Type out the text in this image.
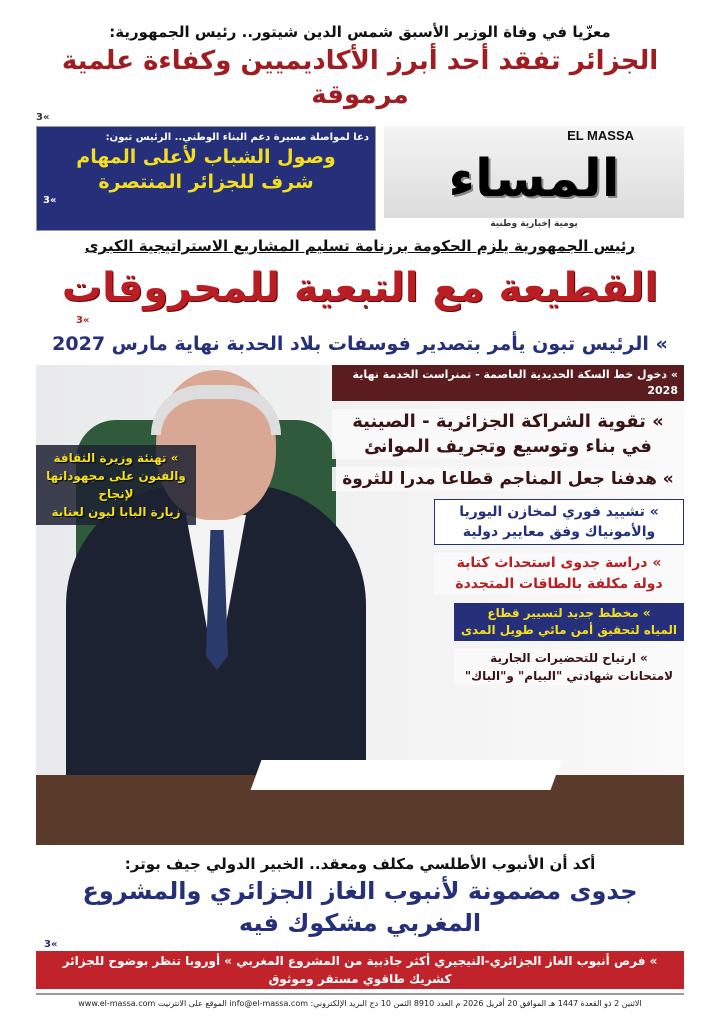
معزّيا في وفاة الوزير الأسبق شمس الدين شيتور.. رئيس الجمهورية:
الجزائر تفقد أحد أبرز الأكاديميين وكفاءة علمية مرموقة
3«
دعا لمواصلة مسيرة دعم البناء الوطني.. الرئيس تبون:
وصول الشباب لأعلى المهام
شرف للجزائر المنتصرة
3«
EL MASSA
المساء
يومية إخبارية وطنية
رئيس الجمهورية يلزم الحكومة برزنامة تسليم المشاريع الاستراتيجية الكبرى
القطيعة مع التبعية للمحروقات
3«
» الرئيس تبون يأمر بتصدير فوسفات بلاد الحدبة نهاية مارس 2027
» تهنئة وزيرة الثقافة
والفنون على مجهوداتها لإنجاح
زيارة البابا ليون لعنابة
» دخول خط السكة الحديدية العاصمة - تمنراست الخدمة نهاية 2028
» تقوية الشراكة الجزائرية - الصينية
في بناء وتوسيع وتجريف الموانئ
» هدفنا جعل المناجم قطاعا مدرا للثروة
» تشييد فوري لمخازن اليوريا
والأمونياك وفق معايير دولية
» دراسة جدوى استحداث كتابة
دولة مكلفة بالطاقات المتجددة
» مخطط جديد لتسيير قطاع
المياه لتحقيق أمن مائي طويل المدى
» ارتياح للتحضيرات الجارية
لامتحانات شهادتي "البيام" و"الباك"
أكد أن الأنبوب الأطلسي مكلف ومعقد.. الخبير الدولي جيف بوتر:
جدوى مضمونة لأنبوب الغاز الجزائري والمشروع المغربي مشكوك فيه
3«
» فرص أنبوب الغاز الجزائري-النيجيري أكثر جاذبية من المشروع المغربي » أوروبا تنظر بوضوح للجزائر كشريك طاقوي مستقر وموثوق
الاثنين 2 ذو القعدة 1447 هـ الموافق 20 أفريل 2026 م العدد 8910 الثمن 10 دج البريد الإلكتروني: info@el-massa.com الموقع على الانترنيت www.el-massa.com
